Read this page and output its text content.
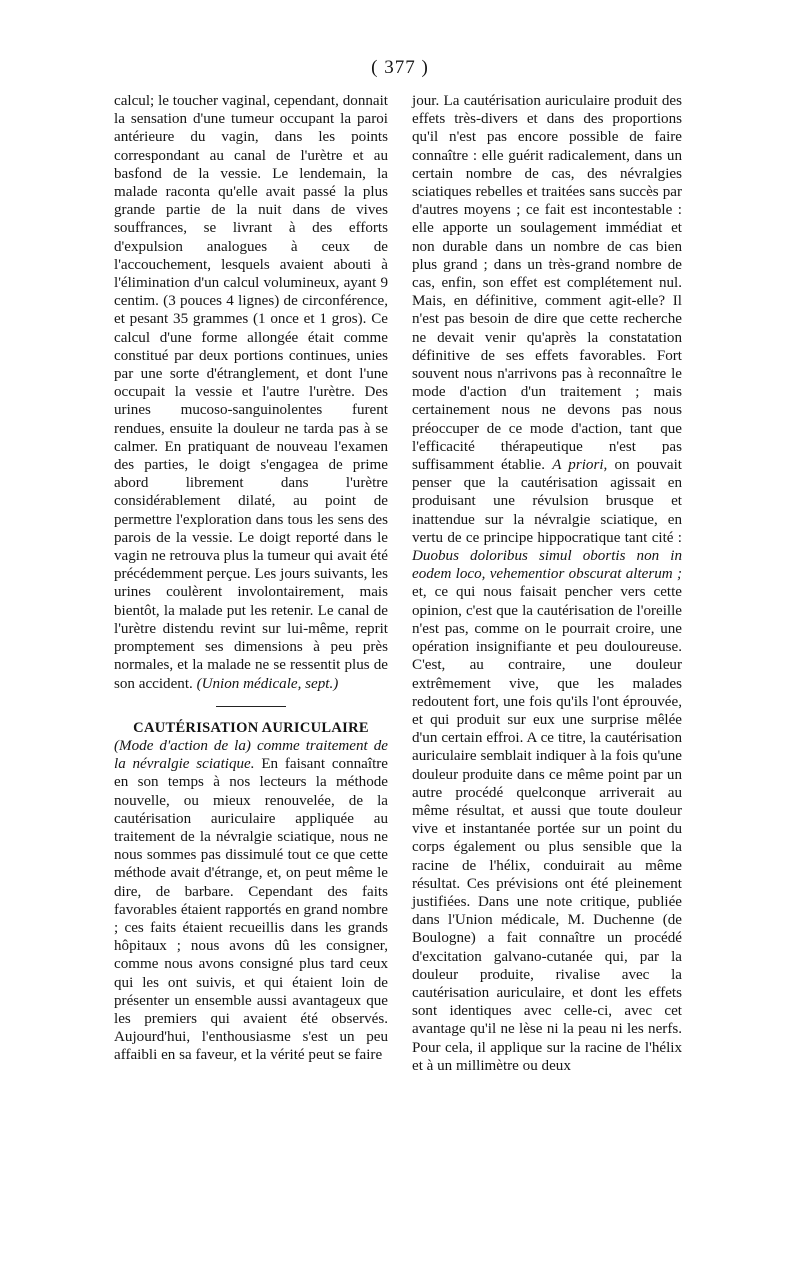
( 377 )

calcul; le toucher vaginal, cependant, donnait la sensation d'une tumeur occupant la paroi antérieure du vagin, dans les points correspondant au canal de l'urètre et au basfond de la vessie. Le lendemain, la malade raconta qu'elle avait passé la plus grande partie de la nuit dans de vives souffrances, se livrant à des efforts d'expulsion analogues à ceux de l'accouchement, lesquels avaient abouti à l'élimination d'un calcul volumineux, ayant 9 centim. (3 pouces 4 lignes) de circonférence, et pesant 35 grammes (1 once et 1 gros). Ce calcul d'une forme allongée était comme constitué par deux portions continues, unies par une sorte d'étranglement, et dont l'une occupait la vessie et l'autre l'urètre. Des urines mucoso-sanguinolentes furent rendues, ensuite la douleur ne tarda pas à se calmer. En pratiquant de nouveau l'examen des parties, le doigt s'engagea de prime abord librement dans l'urètre considérablement dilaté, au point de permettre l'exploration dans tous les sens des parois de la vessie. Le doigt reporté dans le vagin ne retrouva plus la tumeur qui avait été précédemment perçue. Les jours suivants, les urines coulèrent involontairement, mais bientôt, la malade put les retenir. Le canal de l'urètre distendu revint sur lui-même, reprit promptement ses dimensions à peu près normales, et la malade ne se ressentit plus de son accident. (Union médicale, sept.)

CAUTÉRISATION AURICULAIRE

(Mode d'action de la) comme traitement de la névralgie sciatique. En faisant connaître en son temps à nos lecteurs la méthode nouvelle, ou mieux renouvelée, de la cautérisation auriculaire appliquée au traitement de la névralgie sciatique, nous ne nous sommes pas dissimulé tout ce que cette méthode avait d'étrange, et, on peut même le dire, de barbare. Cependant des faits favorables étaient rapportés en grand nombre ; ces faits étaient recueillis dans les grands hôpitaux ; nous avons dû les consigner, comme nous avons consigné plus tard ceux qui les ont suivis, et qui étaient loin de présenter un ensemble aussi avantageux que les premiers qui avaient été observés. Aujourd'hui, l'enthousiasme s'est un peu affaibli en sa faveur, et la vérité peut se faire

jour. La cautérisation auriculaire produit des effets très-divers et dans des proportions qu'il n'est pas encore possible de faire connaître : elle guérit radicalement, dans un certain nombre de cas, des névralgies sciatiques rebelles et traitées sans succès par d'autres moyens ; ce fait est incontestable : elle apporte un soulagement immédiat et non durable dans un nombre de cas bien plus grand ; dans un très-grand nombre de cas, enfin, son effet est complétement nul. Mais, en définitive, comment agit-elle? Il n'est pas besoin de dire que cette recherche ne devait venir qu'après la constatation définitive de ses effets favorables. Fort souvent nous n'arrivons pas à reconnaître le mode d'action d'un traitement ; mais certainement nous ne devons pas nous préoccuper de ce mode d'action, tant que l'efficacité thérapeutique n'est pas suffisamment établie. A priori, on pouvait penser que la cautérisation agissait en produisant une révulsion brusque et inattendue sur la névralgie sciatique, en vertu de ce principe hippocratique tant cité : Duobus doloribus simul obortis non in eodem loco, vehementior obscurat alterum ; et, ce qui nous faisait pencher vers cette opinion, c'est que la cautérisation de l'oreille n'est pas, comme on le pourrait croire, une opération insignifiante et peu douloureuse. C'est, au contraire, une douleur extrêmement vive, que les malades redoutent fort, une fois qu'ils l'ont éprouvée, et qui produit sur eux une surprise mêlée d'un certain effroi. A ce titre, la cautérisation auriculaire semblait indiquer à la fois qu'une douleur produite dans ce même point par un autre procédé quelconque arriverait au même résultat, et aussi que toute douleur vive et instantanée portée sur un point du corps également ou plus sensible que la racine de l'hélix, conduirait au même résultat. Ces prévisions ont été pleinement justifiées. Dans une note critique, publiée dans l'Union médicale, M. Duchenne (de Boulogne) a fait connaître un procédé d'excitation galvano-cutanée qui, par la douleur produite, rivalise avec la cautérisation auriculaire, et dont les effets sont identiques avec celle-ci, avec cet avantage qu'il ne lèse ni la peau ni les nerfs. Pour cela, il applique sur la racine de l'hélix et à un millimètre ou deux
